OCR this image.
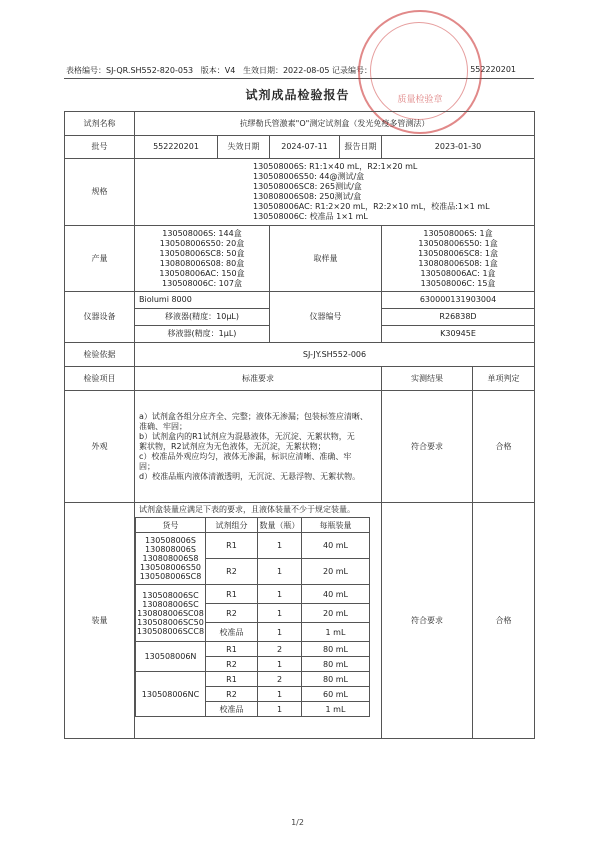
表格编号：SJ-QR.SH552-820-053 版本：V4 生效日期：2022-08-05 记录编号：	552220201
质量检验章
试剂成品检验报告
试剂名称	抗缪勒氏管激素"O"测定试剂盒（发光免疫多管测法）
批号	552220201	失效日期	2024-07-11	报告日期	2023-01-30
规格	
130508006S: R1:1×40 mL，R2:1×20 mL
130508006S50: 44@测试/盒
130508006SC8: 265测试/盒
130808006S08: 250测试/盒
130508006AC: R1:2×20 mL，R2:2×10 mL，校准品:1×1 mL
130508006C: 校准品 1×1 mL

产量	
130508006S: 144盒
130508006S50: 20盒
130508006SC8: 50盒
130808006S08: 80盒
130508006AC: 150盒
130508006C: 107盒
	取样量	
130508006S: 1盒
130508006S50: 1盒
130508006SC8: 1盒
130808006S08: 1盒
130508006AC: 1盒
130508006C: 15盒

仪器设备	Biolumi 8000	仪器编号	630000131903004
移液器(精度：10μL)	R26838D
移液器(精度：1μL)	K30945E
检验依据	SJ-JY.SH552-006
检验项目	标准要求	实测结果	单项判定
外观	
a）试剂盒各组分应齐全、完整；液体无渗漏；包装标签应清晰、
准确、牢固；
b）试剂盒内的R1试剂应为混悬液体，无沉淀、无絮状物，无
絮状物，R2试剂应为无色液体，无沉淀，无絮状物；
c）校准品外观应均匀，液体无渗漏，标识应清晰、准确、牢
固；
d）校准品瓶内液体清澈透明，无沉淀、无悬浮物、无絮状物。
	符合要求	合格
装量	
试剂盒装量应满足下表的要求，且液体装量不少于规定装量。
货号	试剂组分	数量（瓶）	每瓶装量

130508006S
130808006S
130808006S8
130508006S50
130508006SC8
	R1	1	40 mL
R2	1	20 mL

130508006SC
130808006SC
130808006SC08
130508006SC50
130508006SCC8
	R1	1	40 mL
R2	1	20 mL
校准品	1	1 mL
130508006N	R1	2	80 mL
R2	1	80 mL
130508006NC	R1	2	80 mL
R2	1	60 mL
校准品	1	1 mL
	符合要求	合格
1/2
